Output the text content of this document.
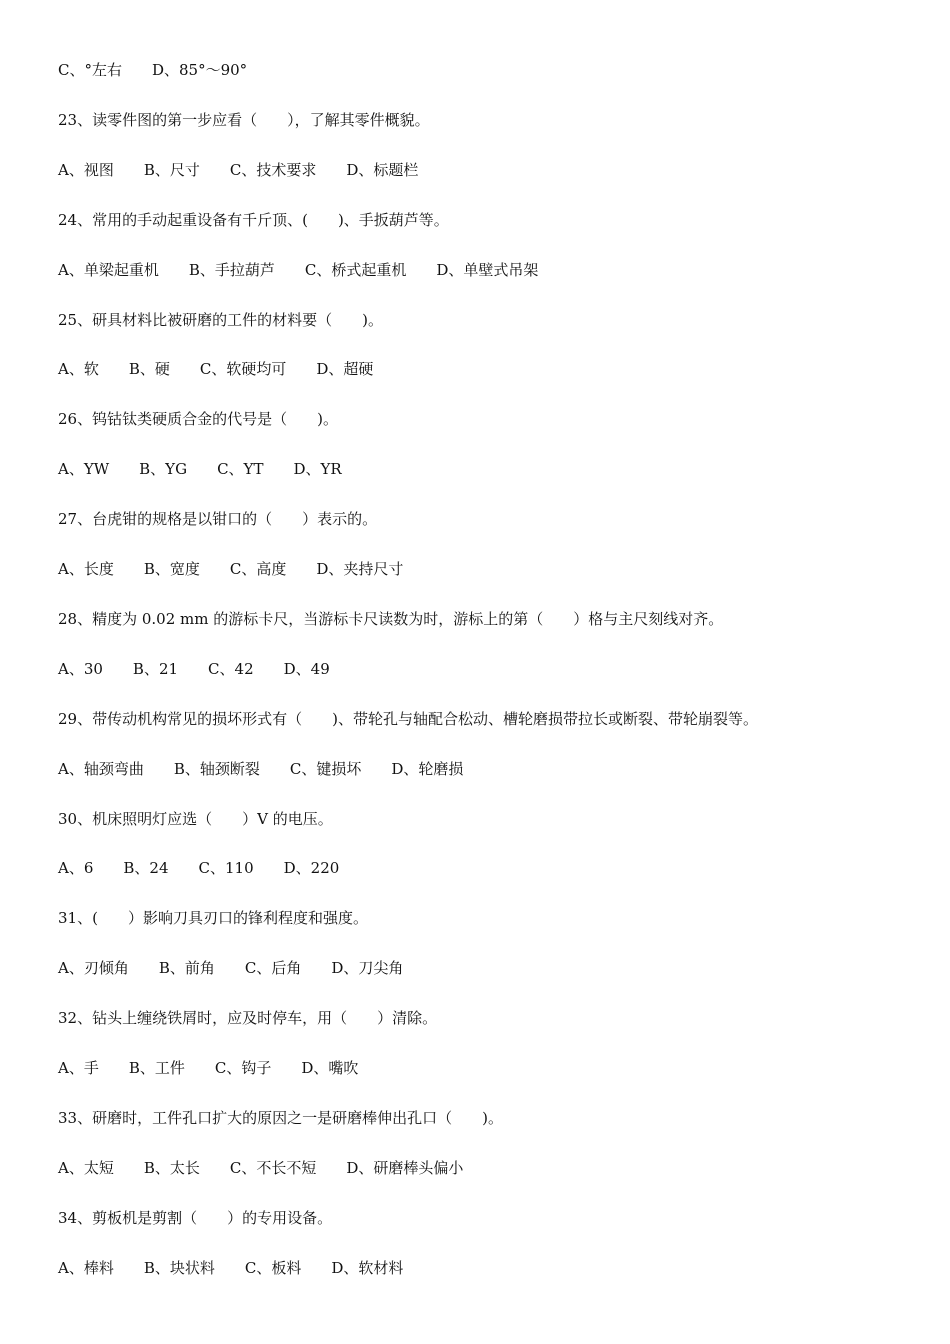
C、°左右　　D、85°～90°
23、读零件图的第一步应看（　　），了解其零件概貌。
A、视图 B、尺寸 C、技术要求 D、标题栏
24、常用的手动起重设备有千斤顶、(　　)、手扳葫芦等。
A、单梁起重机 B、手拉葫芦 C、桥式起重机 D、单壁式吊架
25、研具材料比被研磨的工件的材料要（　　)。
A、软 B、硬 C、软硬均可 D、超硬
26、钨钴钛类硬质合金的代号是（　　)。
A、YW B、YG C、YT D、YR
27、台虎钳的规格是以钳口的（　　）表示的。
A、长度 B、宽度 C、高度 D、夹持尺寸
28、精度为 0.02 mm 的游标卡尺，当游标卡尺读数为时，游标上的第（　　）格与主尺刻线对齐。
A、30 B、21 C、42 D、49
29、带传动机构常见的损坏形式有（　　)、带轮孔与轴配合松动、槽轮磨损带拉长或断裂、带轮崩裂等。
A、轴颈弯曲 B、轴颈断裂 C、键损坏 D、轮磨损
30、机床照明灯应选（　　）V 的电压。
A、6 B、24 C、110 D、220
31、(　　）影响刀具刃口的锋利程度和强度。
A、刃倾角 B、前角 C、后角 D、刀尖角
32、钻头上缠绕铁屑时，应及时停车，用（　　）清除。
A、手 B、工件 C、钩子 D、嘴吹
33、研磨时，工件孔口扩大的原因之一是研磨棒伸出孔口（　　)。
A、太短 B、太长 C、不长不短 D、研磨棒头偏小
34、剪板机是剪割（　　）的专用设备。
A、棒料 B、块状料 C、板料 D、软材料
